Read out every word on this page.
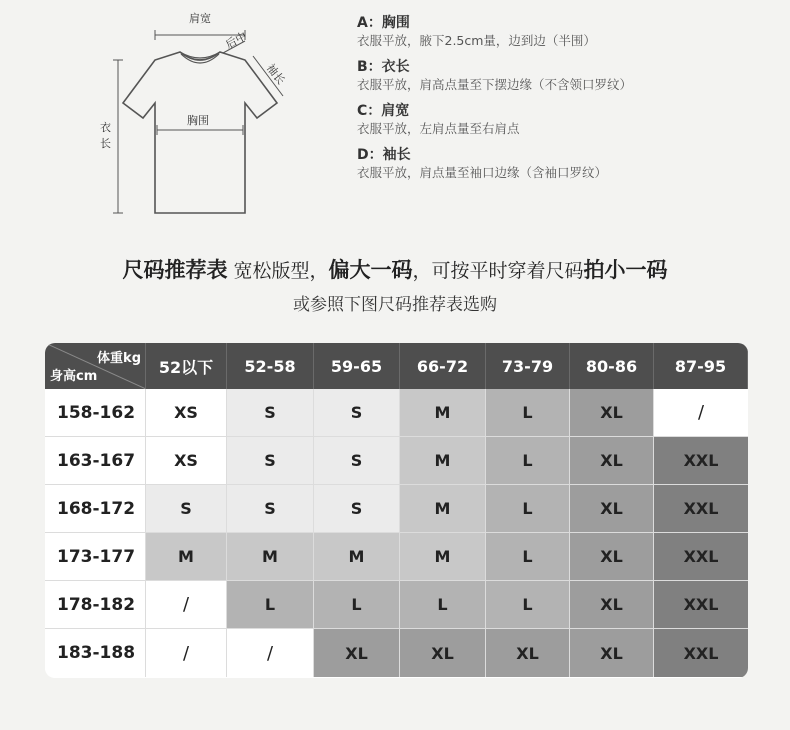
肩宽
后中
袖长
胸围
衣长
A：胸围
衣服平放，腋下2.5cm量，边到边（半围）
B：衣长
衣服平放，肩高点量至下摆边缘（不含领口罗纹）
C：肩宽
衣服平放，左肩点量至右肩点
D：袖长
衣服平放，肩点量至袖口边缘（含袖口罗纹）
尺码推荐表 宽松版型，偏大一码，可按平时穿着尺码拍小一码
或参照下图尺码推荐表选购
体重kg
身高cm	52以下	52-58	59-65	66-72	73-79	80-86	87-95
158-162	XS	S	S	M	L	XL	/
163-167	XS	S	S	M	L	XL	XXL
168-172	S	S	S	M	L	XL	XXL
173-177	M	M	M	M	L	XL	XXL
178-182	/	L	L	L	L	XL	XXL
183-188	/	/	XL	XL	XL	XL	XXL
